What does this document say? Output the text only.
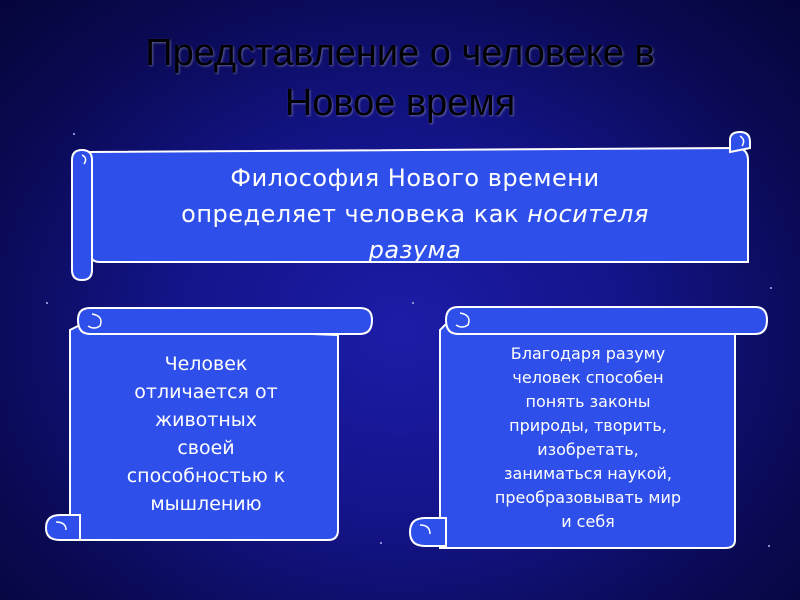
Представление о человеке в
Новое время
Философия Нового времени
определяет человека как носителя
разума
Человек
отличается от
животных
своей
способностью к
мышлению
Благодаря разуму
человек способен
понять законы
природы, творить,
изобретать,
заниматься наукой,
преобразовывать мир
и себя
